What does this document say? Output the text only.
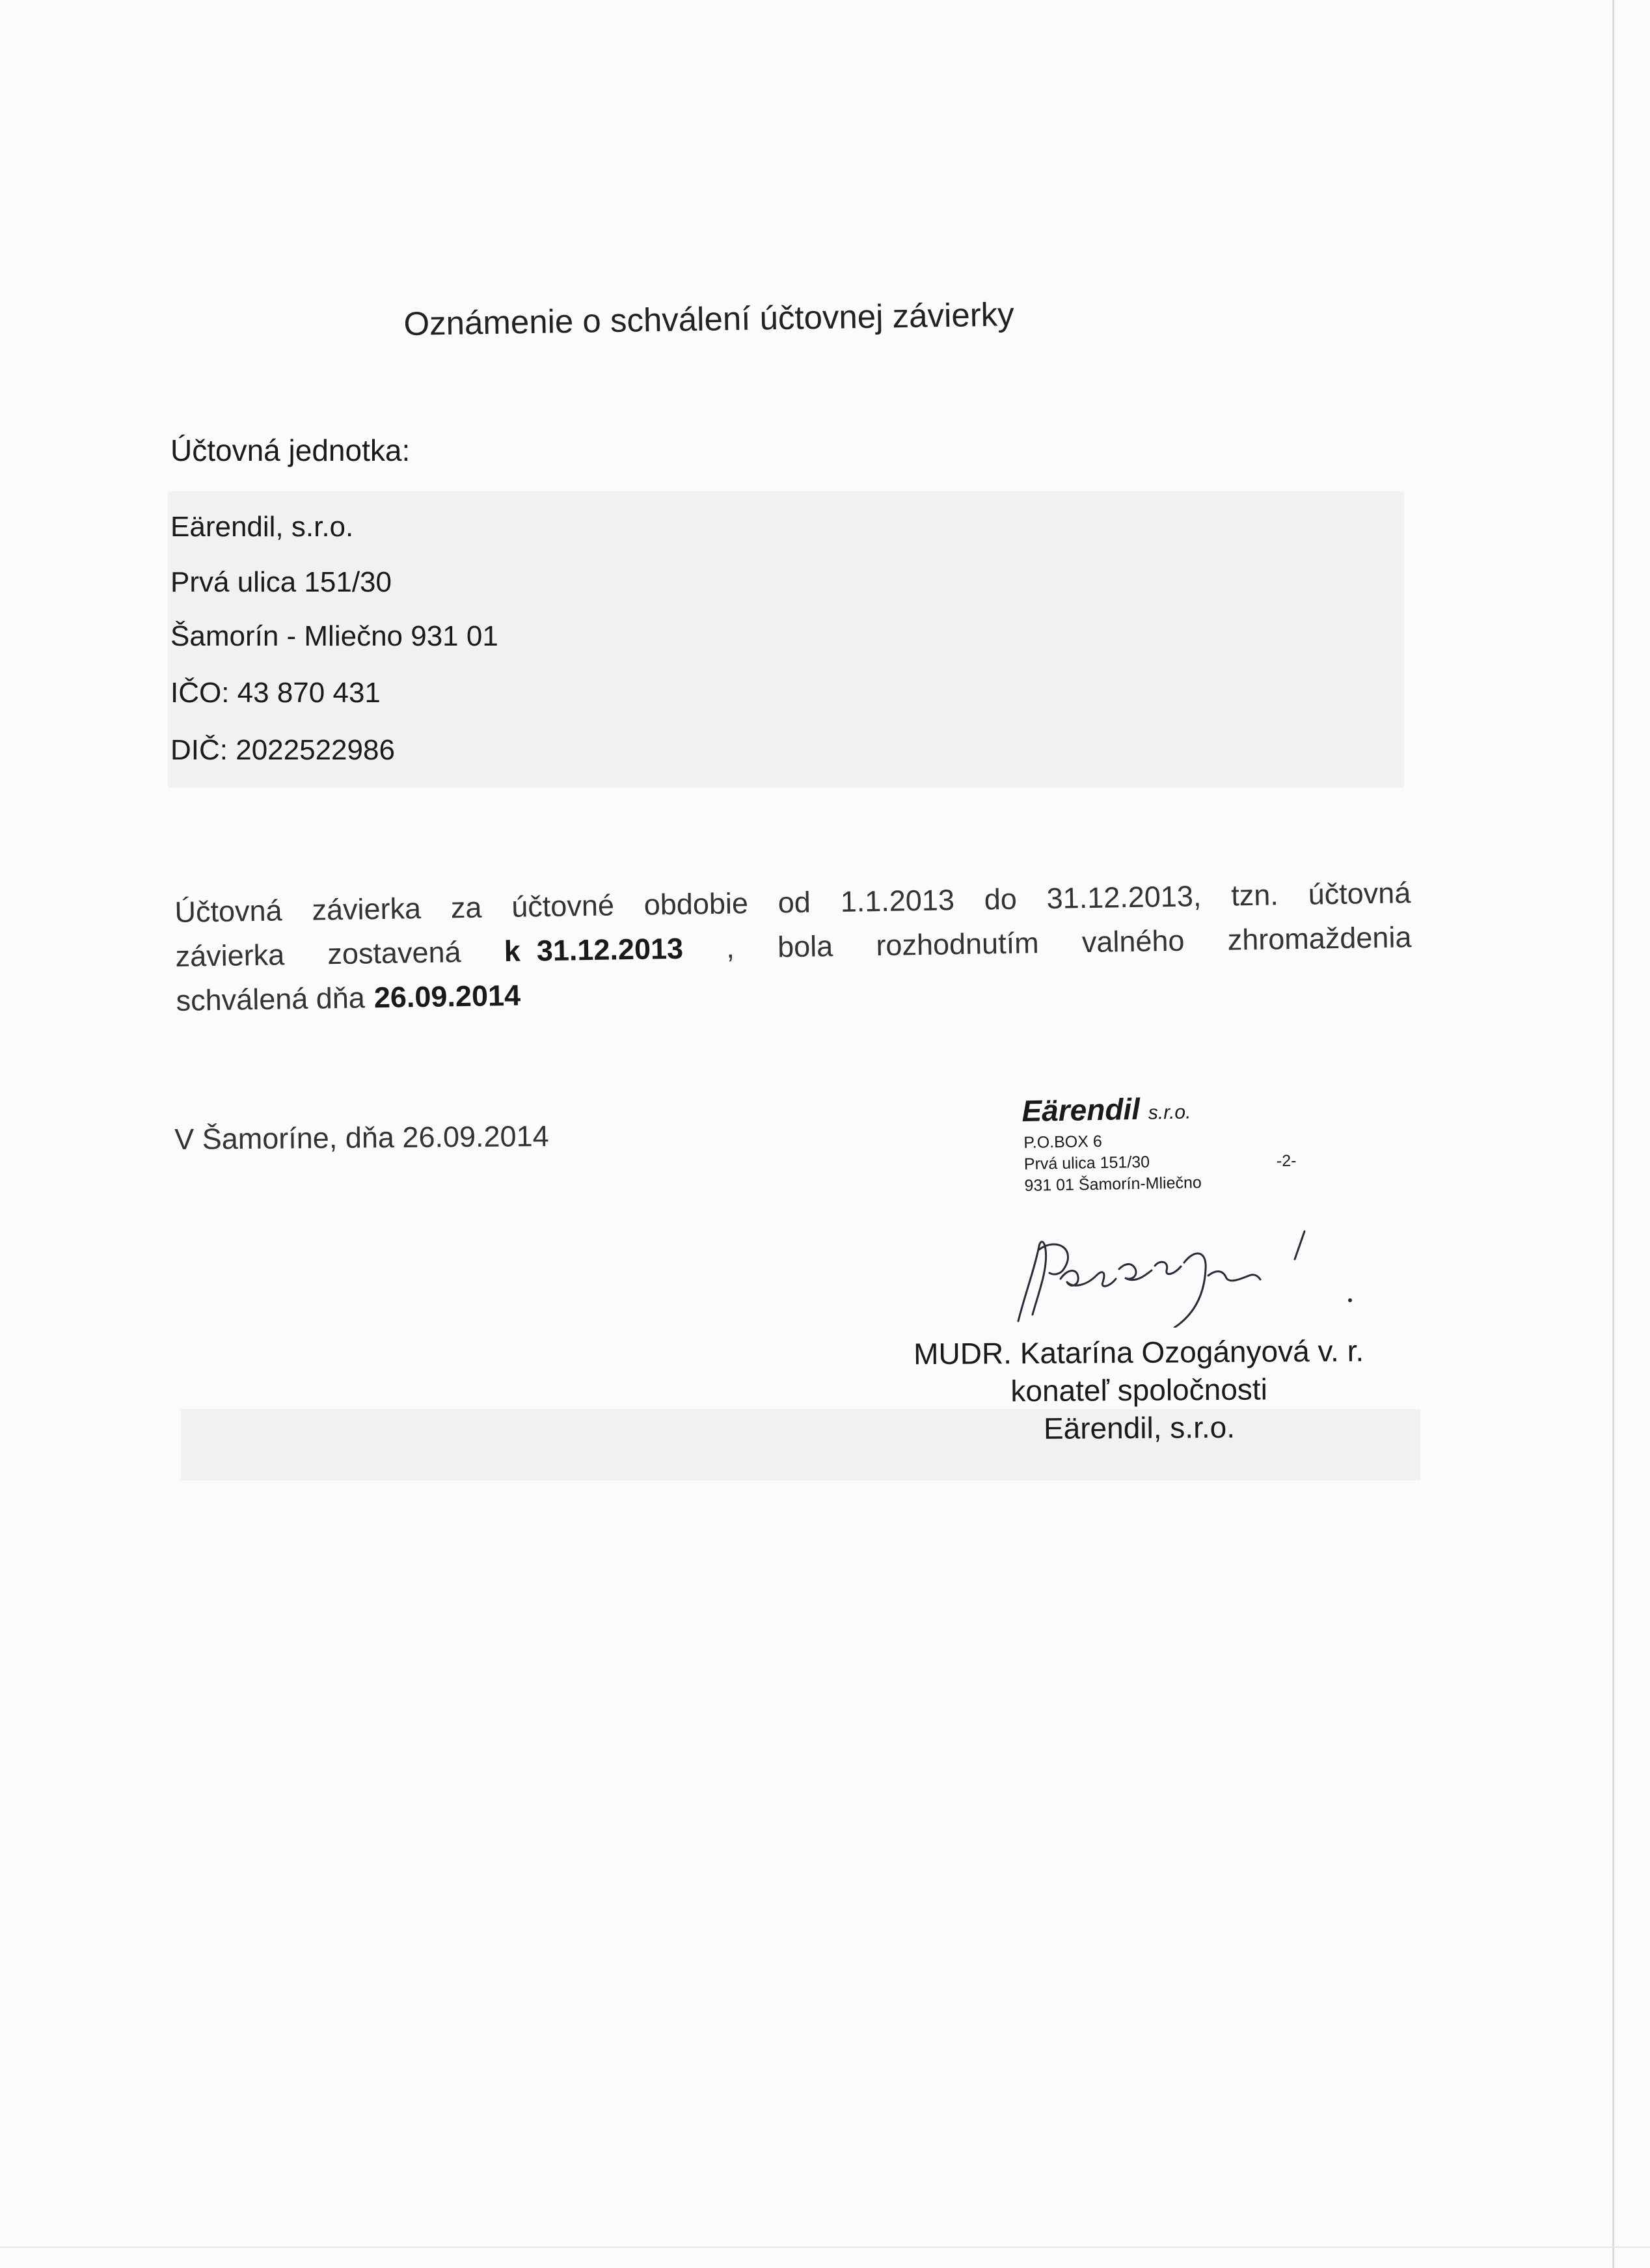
Oznámenie o schválení účtovnej závierky
Účtovná jednotka:
Eärendil, s.r.o.
Prvá ulica 151/30
Šamorín - Mliečno 931 01
IČO: 43 870 431
DIČ: 2022522986
Účtovná závierka za účtovné obdobie od 1.1.2013 do 31.12.2013, tzn. účtovná
závierka zostavená k  31.12.2013 , bola rozhodnutím valného zhromaždenia
schválená dňa 26.09.2014
V Šamoríne, dňa 26.09.2014
Eärendil s.r.o.
P.O.BOX 6
Prvá ulica 151/30	-2-
931 01 Šamorín-Mliečno
MUDR. Katarína Ozogányová v. r.
konateľ spoločnosti
Eärendil, s.r.o.
